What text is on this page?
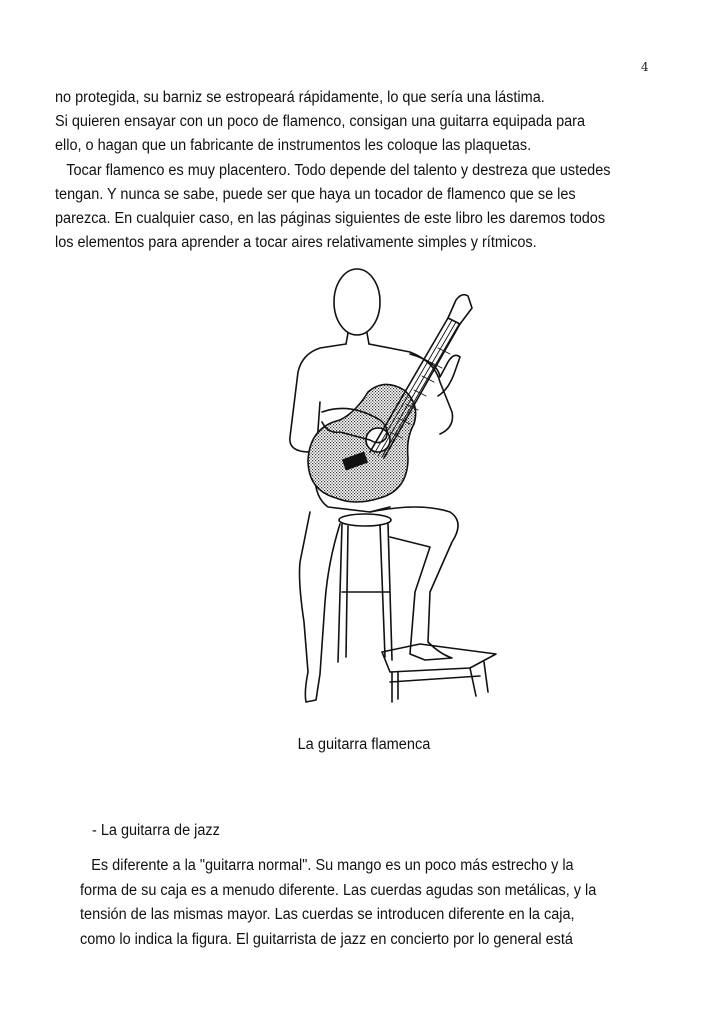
4

no protegida, su barniz se estropeará rápidamente, lo que sería una lástima.

Si quieren ensayar con un poco de flamenco, consigan una guitarra equipada para

ello, o hagan que un fabricante de instrumentos les coloque las plaquetas.

Tocar flamenco es muy placentero. Todo depende del talento y destreza que ustedes

tengan. Y nunca se sabe, puede ser que haya un tocador de flamenco que se les

parezca. En cualquier caso, en las páginas siguientes de este libro les daremos todos

los elementos para aprender a tocar aires relativamente simples y rítmicos.

La guitarra flamenca
- La guitarra de jazz

Es diferente a la "guitarra normal". Su mango es un poco más estrecho y la

forma de su caja es a menudo diferente. Las cuerdas agudas son metálicas, y la

tensión de las mismas mayor. Las cuerdas se introducen diferente en la caja,

como lo indica la figura. El guitarrista de jazz en concierto por lo general está
